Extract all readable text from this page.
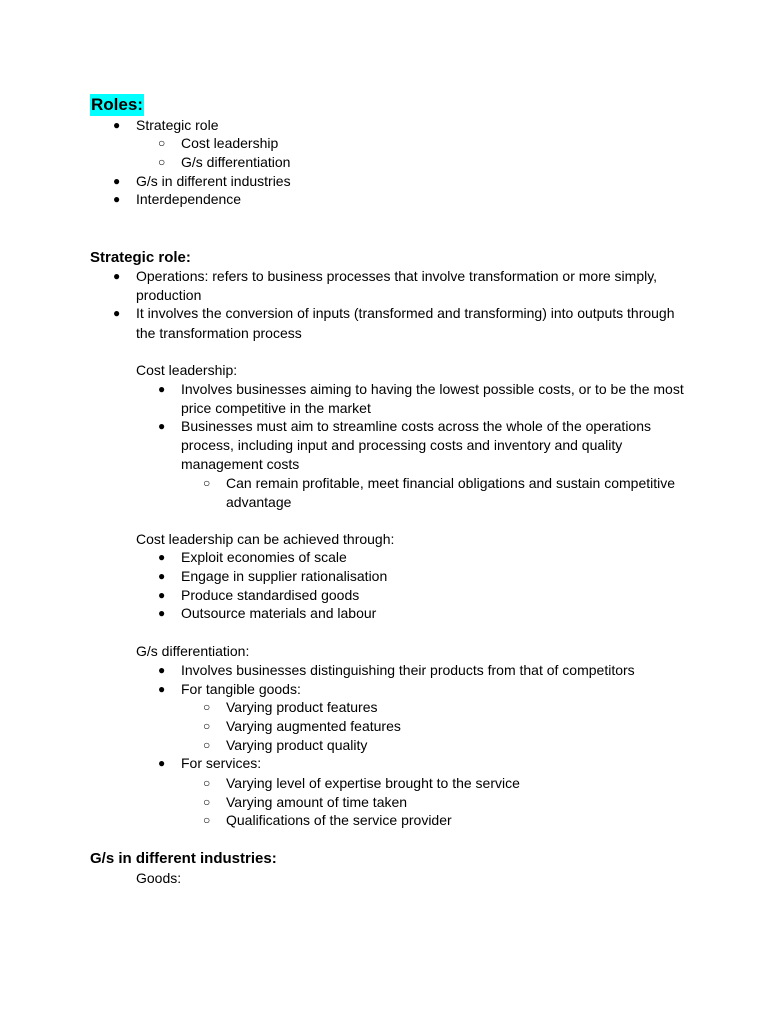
Roles:
● Strategic role
○ Cost leadership
○ G/s differentiation
● G/s in different industries
● Interdependence
Strategic role:
● Operations: refers to business processes that involve transformation or more simply,
production
● It involves the conversion of inputs (transformed and transforming) into outputs through
the transformation process
Cost leadership:
● Involves businesses aiming to having the lowest possible costs, or to be the most
price competitive in the market
● Businesses must aim to streamline costs across the whole of the operations
process, including input and processing costs and inventory and quality
management costs
○ Can remain profitable, meet financial obligations and sustain competitive
advantage
Cost leadership can be achieved through:
● Exploit economies of scale
● Engage in supplier rationalisation
● Produce standardised goods
● Outsource materials and labour
G/s differentiation:
● Involves businesses distinguishing their products from that of competitors
● For tangible goods:
○ Varying product features
○ Varying augmented features
○ Varying product quality
● For services:
○ Varying level of expertise brought to the service
○ Varying amount of time taken
○ Qualifications of the service provider
G/s in different industries:
Goods:
